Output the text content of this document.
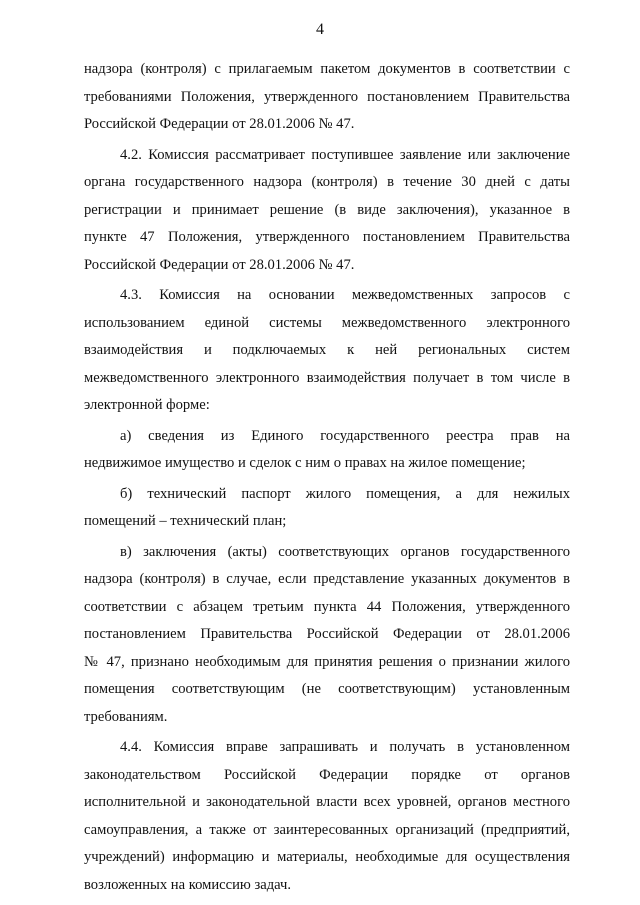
4
надзора (контроля) с прилагаемым пакетом документов в соответствии с
требованиями Положения, утвержденного постановлением Правительства
Российской Федерации от 28.01.2006 № 47.
4.2. Комиссия рассматривает поступившее заявление или заключение
органа государственного надзора (контроля) в течение 30 дней с даты
регистрации и принимает решение (в виде заключения), указанное в
пункте 47 Положения, утвержденного постановлением Правительства
Российской Федерации от 28.01.2006 № 47.
4.3. Комиссия на основании межведомственных запросов с
использованием единой системы межведомственного электронного
взаимодействия и подключаемых к ней региональных систем
межведомственного электронного взаимодействия получает в том числе в
электронной форме:
а) сведения из Единого государственного реестра прав на
недвижимое имущество и сделок с ним о правах на жилое помещение;
б) технический паспорт жилого помещения, а для нежилых
помещений – технический план;
в) заключения (акты) соответствующих органов государственного
надзора (контроля) в случае, если представление указанных документов в
соответствии с абзацем третьим пункта 44 Положения, утвержденного
постановлением Правительства Российской Федерации от 28.01.2006
№ 47, признано необходимым для принятия решения о признании жилого
помещения соответствующим (не соответствующим) установленным
требованиям.
4.4. Комиссия вправе запрашивать и получать в установленном
законодательством Российской Федерации порядке от органов
исполнительной и законодательной власти всех уровней, органов местного
самоуправления, а также от заинтересованных организаций (предприятий,
учреждений) информацию и материалы, необходимые для осуществления
возложенных на комиссию задач.
